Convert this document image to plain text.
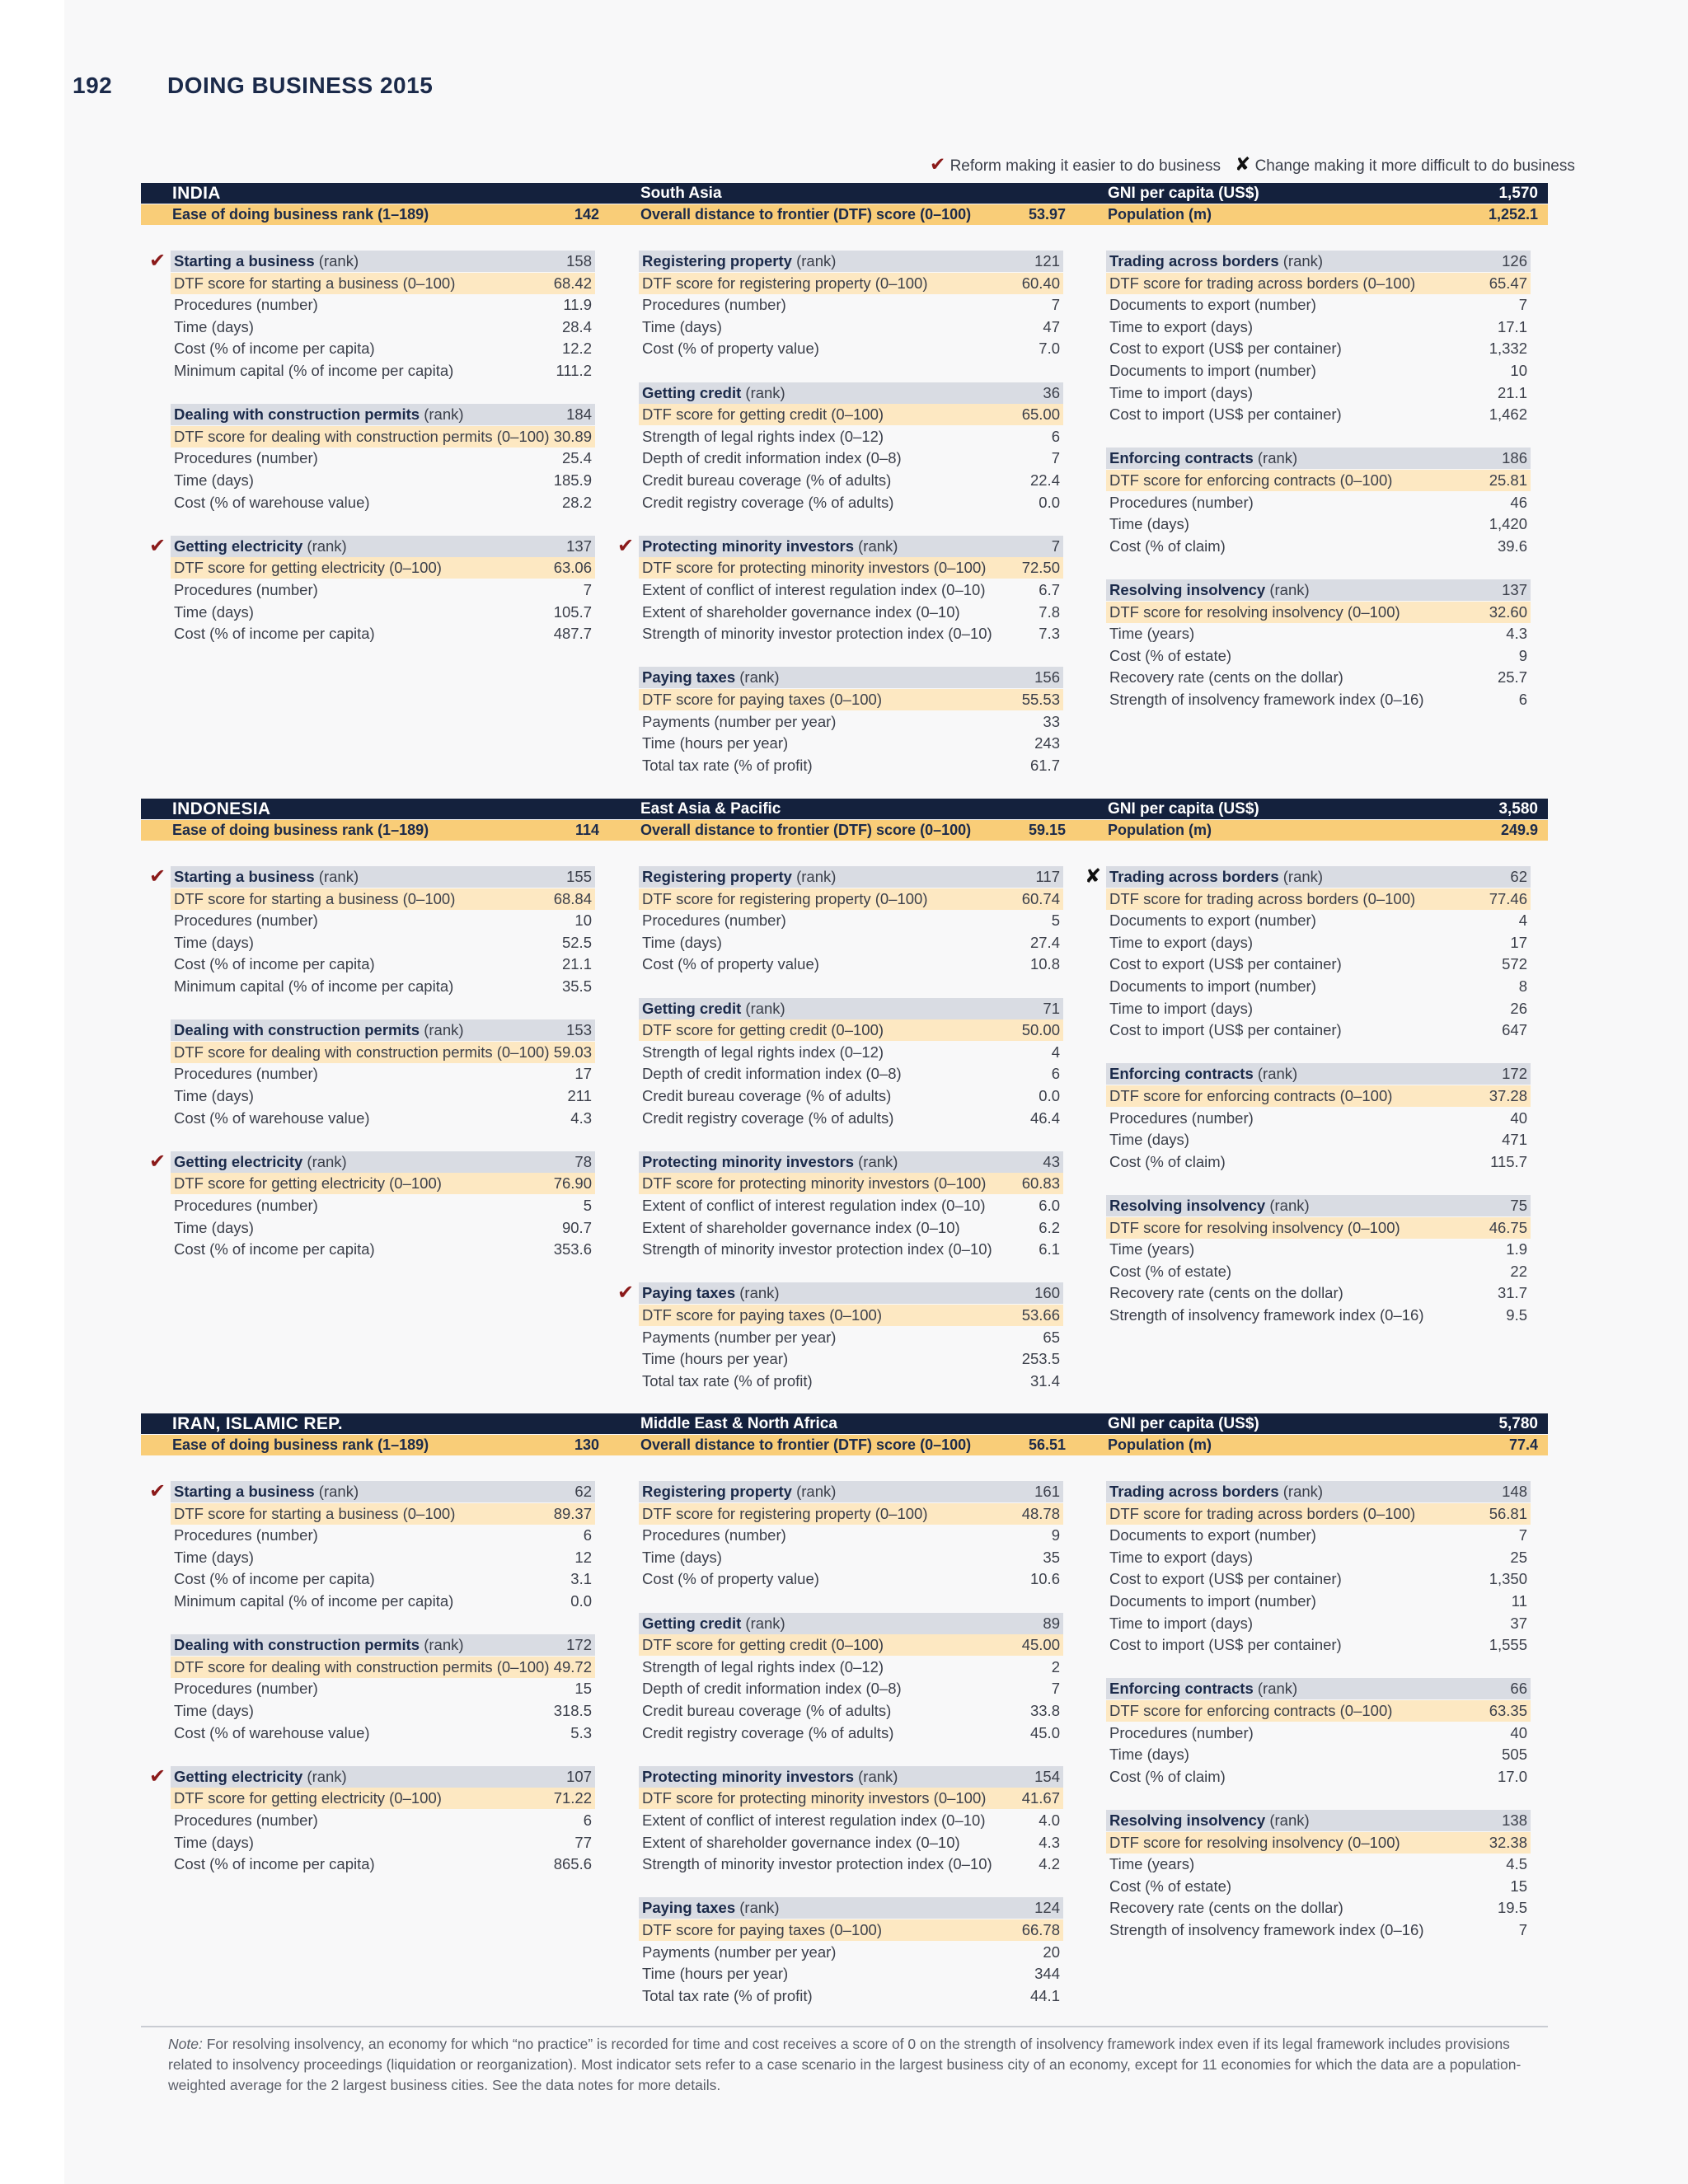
192 DOING BUSINESS 2015
✔ Reform making it easier to do business ✘ Change making it more difficult to do business
INDIA	South Asia	GNI per capita (US$)	1,570
Ease of doing business rank (1–189)	142	Overall distance to frontier (DTF) score (0–100)	53.97	Population (m)	1,252.1
Starting a business (rank)	158
✔
DTF score for starting a business (0–100)	68.42
Procedures (number)	11.9
Time (days)	28.4
Cost (% of income per capita)	12.2
Minimum capital (% of income per capita)	111.2
Dealing with construction permits (rank)	184
DTF score for dealing with construction permits (0–100) 30.89
Procedures (number)	25.4
Time (days)	185.9
Cost (% of warehouse value)	28.2
Getting electricity (rank)	137
✔
DTF score for getting electricity (0–100)	63.06
Procedures (number)	7
Time (days)	105.7
Cost (% of income per capita)	487.7
Registering property (rank)	121
DTF score for registering property (0–100)	60.40
Procedures (number)	7
Time (days)	47
Cost (% of property value)	7.0
Getting credit (rank)	36
DTF score for getting credit (0–100)	65.00
Strength of legal rights index (0–12)	6
Depth of credit information index (0–8)	7
Credit bureau coverage (% of adults)	22.4
Credit registry coverage (% of adults)	0.0
Protecting minority investors (rank)	7
✔
DTF score for protecting minority investors (0–100) 72.50
Extent of conflict of interest regulation index (0–10)	6.7
Extent of shareholder governance index (0–10)	7.8
Strength of minority investor protection index (0–10)	7.3
Paying taxes (rank)	156
DTF score for paying taxes (0–100)	55.53
Payments (number per year)	33
Time (hours per year)	243
Total tax rate (% of profit)	61.7
Trading across borders (rank)	126
DTF score for trading across borders (0–100)	65.47
Documents to export (number)	7
Time to export (days)	17.1
Cost to export (US$ per container)	1,332
Documents to import (number)	10
Time to import (days)	21.1
Cost to import (US$ per container)	1,462
Enforcing contracts (rank)	186
DTF score for enforcing contracts (0–100)	25.81
Procedures (number)	46
Time (days)	1,420
Cost (% of claim)	39.6
Resolving insolvency (rank)	137
DTF score for resolving insolvency (0–100)	32.60
Time (years)	4.3
Cost (% of estate)	9
Recovery rate (cents on the dollar)	25.7
Strength of insolvency framework index (0–16)	6
INDONESIA	East Asia & Pacific	GNI per capita (US$)	3,580
Ease of doing business rank (1–189)	114	Overall distance to frontier (DTF) score (0–100)	59.15	Population (m)	249.9
Starting a business (rank)	155
✔
DTF score for starting a business (0–100)	68.84
Procedures (number)	10
Time (days)	52.5
Cost (% of income per capita)	21.1
Minimum capital (% of income per capita)	35.5
Dealing with construction permits (rank)	153
DTF score for dealing with construction permits (0–100) 59.03
Procedures (number)	17
Time (days)	211
Cost (% of warehouse value)	4.3
Getting electricity (rank)	78
✔
DTF score for getting electricity (0–100)	76.90
Procedures (number)	5
Time (days)	90.7
Cost (% of income per capita)	353.6
Registering property (rank)	117
DTF score for registering property (0–100)	60.74
Procedures (number)	5
Time (days)	27.4
Cost (% of property value)	10.8
Getting credit (rank)	71
DTF score for getting credit (0–100)	50.00
Strength of legal rights index (0–12)	4
Depth of credit information index (0–8)	6
Credit bureau coverage (% of adults)	0.0
Credit registry coverage (% of adults)	46.4
Protecting minority investors (rank)	43
DTF score for protecting minority investors (0–100) 60.83
Extent of conflict of interest regulation index (0–10)	6.0
Extent of shareholder governance index (0–10)	6.2
Strength of minority investor protection index (0–10)	6.1
Paying taxes (rank)	160
✔
DTF score for paying taxes (0–100)	53.66
Payments (number per year)	65
Time (hours per year)	253.5
Total tax rate (% of profit)	31.4
Trading across borders (rank)	62
✘
DTF score for trading across borders (0–100)	77.46
Documents to export (number)	4
Time to export (days)	17
Cost to export (US$ per container)	572
Documents to import (number)	8
Time to import (days)	26
Cost to import (US$ per container)	647
Enforcing contracts (rank)	172
DTF score for enforcing contracts (0–100)	37.28
Procedures (number)	40
Time (days)	471
Cost (% of claim)	115.7
Resolving insolvency (rank)	75
DTF score for resolving insolvency (0–100)	46.75
Time (years)	1.9
Cost (% of estate)	22
Recovery rate (cents on the dollar)	31.7
Strength of insolvency framework index (0–16)	9.5
IRAN, ISLAMIC REP.	Middle East & North Africa	GNI per capita (US$)	5,780
Ease of doing business rank (1–189)	130	Overall distance to frontier (DTF) score (0–100)	56.51	Population (m)	77.4
Starting a business (rank)	62
✔
DTF score for starting a business (0–100)	89.37
Procedures (number)	6
Time (days)	12
Cost (% of income per capita)	3.1
Minimum capital (% of income per capita)	0.0
Dealing with construction permits (rank)	172
DTF score for dealing with construction permits (0–100) 49.72
Procedures (number)	15
Time (days)	318.5
Cost (% of warehouse value)	5.3
Getting electricity (rank)	107
✔
DTF score for getting electricity (0–100)	71.22
Procedures (number)	6
Time (days)	77
Cost (% of income per capita)	865.6
Registering property (rank)	161
DTF score for registering property (0–100)	48.78
Procedures (number)	9
Time (days)	35
Cost (% of property value)	10.6
Getting credit (rank)	89
DTF score for getting credit (0–100)	45.00
Strength of legal rights index (0–12)	2
Depth of credit information index (0–8)	7
Credit bureau coverage (% of adults)	33.8
Credit registry coverage (% of adults)	45.0
Protecting minority investors (rank)	154
DTF score for protecting minority investors (0–100) 41.67
Extent of conflict of interest regulation index (0–10)	4.0
Extent of shareholder governance index (0–10)	4.3
Strength of minority investor protection index (0–10)	4.2
Paying taxes (rank)	124
DTF score for paying taxes (0–100)	66.78
Payments (number per year)	20
Time (hours per year)	344
Total tax rate (% of profit)	44.1
Trading across borders (rank)	148
DTF score for trading across borders (0–100)	56.81
Documents to export (number)	7
Time to export (days)	25
Cost to export (US$ per container)	1,350
Documents to import (number)	11
Time to import (days)	37
Cost to import (US$ per container)	1,555
Enforcing contracts (rank)	66
DTF score for enforcing contracts (0–100)	63.35
Procedures (number)	40
Time (days)	505
Cost (% of claim)	17.0
Resolving insolvency (rank)	138
DTF score for resolving insolvency (0–100)	32.38
Time (years)	4.5
Cost (% of estate)	15
Recovery rate (cents on the dollar)	19.5
Strength of insolvency framework index (0–16)	7
Note: For resolving insolvency, an economy for which “no practice” is recorded for time and cost receives a score of 0 on the strength of insolvency framework index even if its legal framework includes provisions related to insolvency proceedings (liquidation or reorganization). Most indicator sets refer to a case scenario in the largest business city of an economy, except for 11 economies for which the data are a population-weighted average for the 2 largest business cities. See the data notes for more details.
